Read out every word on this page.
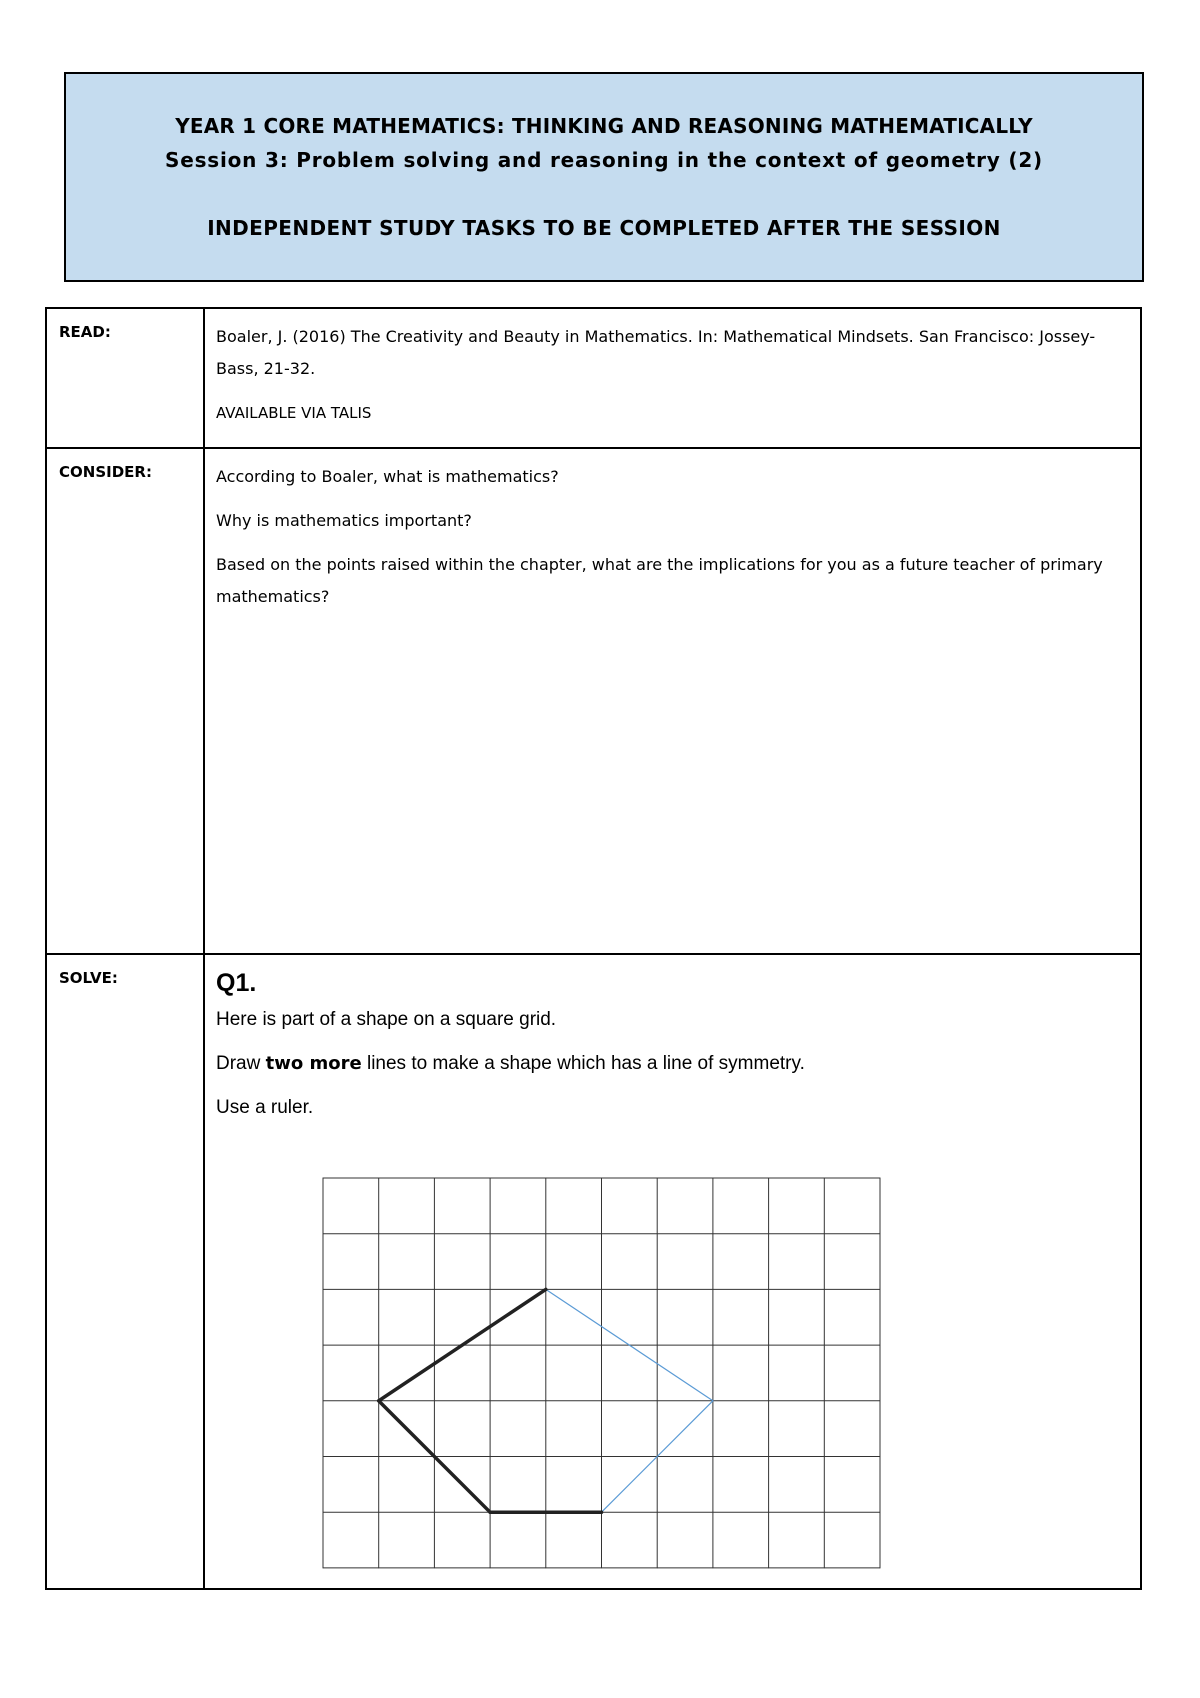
YEAR 1 CORE MATHEMATICS: THINKING AND REASONING MATHEMATICALLY
Session 3: Problem solving and reasoning in the context of geometry (2)
INDEPENDENT STUDY TASKS TO BE COMPLETED AFTER THE SESSION
READ:	Boaler, J. (2016) The Creativity and Beauty in Mathematics. In: Mathematical Mindsets. San Francisco: Jossey-Bass, 21-32.

AVAILABLE VIA TALIS

CONSIDER:	According to Boaler, what is mathematics?

Why is mathematics important?

Based on the points raised within the chapter, what are the implications for you as a future teacher of primary mathematics?

SOLVE:	Q1.

Here is part of a shape on a square grid.

Draw two more lines to make a shape which has a line of symmetry.

Use a ruler.
